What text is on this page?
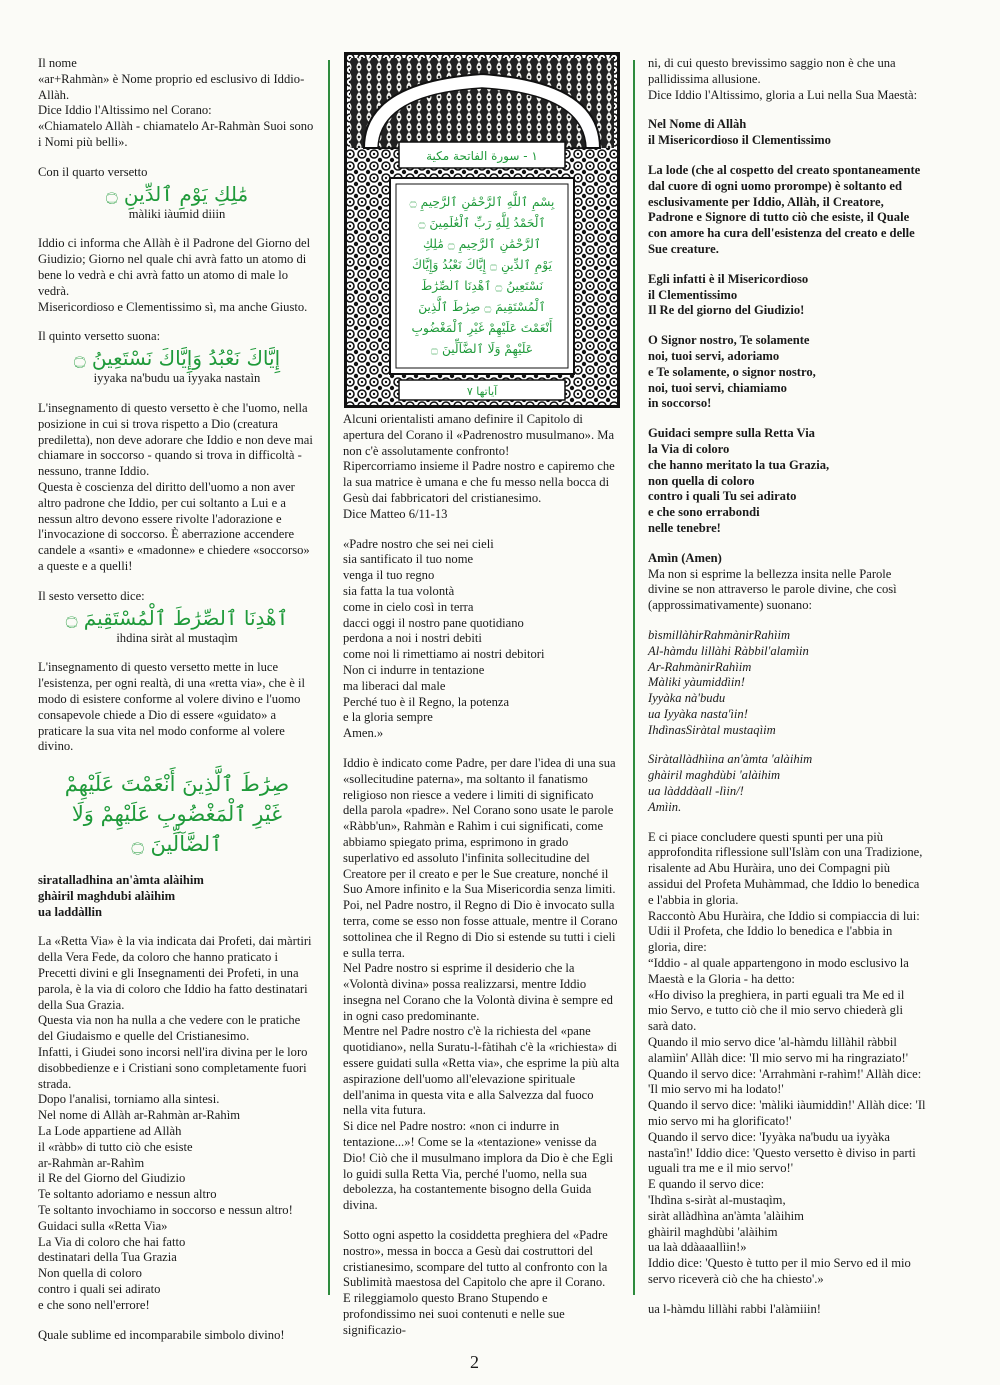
Il nome
«ar+Rahmàn» è Nome proprio ed esclusivo di Iddio-Allàh.
Dice Iddio l'Altissimo nel Corano:
«Chiamatelo Allàh - chiamatelo Ar-Rahmàn Suoi sono i Nomi più belli».

Con il quarto versetto

مَٰلِكِ يَوْمِ ٱلدِّينِ ۝

màliki iàumid diiin

Iddio ci informa che Allàh è il Padrone del Giorno del Giudizio; Giorno nel quale chi avrà fatto un atomo di bene lo vedrà e chi avrà fatto un atomo di male lo vedrà.
Misericordioso e Clementissimo sì, ma anche Giusto.

Il quinto versetto suona:

إِيَّاكَ نَعْبُدُ وَإِيَّاكَ نَسْتَعِينُ ۝

iyyaka na'budu ua iyyaka nastaìn

L'insegnamento di questo versetto è che l'uomo, nella posizione in cui si trova rispetto a Dio (creatura prediletta), non deve adorare che Iddio e non deve mai chiamare in soccorso - quando si trova in difficoltà - nessuno, tranne Iddio.
Questa è coscienza del diritto dell'uomo a non aver altro padrone che Iddio, per cui soltanto a Lui e a nessun altro devono essere rivolte l'adorazione e l'invocazione di soccorso. È aberrazione accendere candele a «santi» e «madonne» e chiedere «soccorso» a queste e a quelli!

Il sesto versetto dice:

ٱهْدِنَا ٱلصِّرَٰطَ ٱلْمُسْتَقِيمَ ۝

ihdina siràt al mustaqìm

L'insegnamento di questo versetto mette in luce l'esistenza, per ogni realtà, di una «retta via», che è il modo di esistere conforme al volere divino e l'uomo consapevole chiede a Dio di essere «guidato» a praticare la sua vita nel modo conforme al volere divino.

صِرَٰطَ ٱلَّذِينَ أَنْعَمْتَ عَلَيْهِمْ
غَيْرِ ٱلْمَغْضُوبِ عَلَيْهِمْ وَلَا ٱلضَّآلِّينَ ۝

siratalladhina an'àmta alàihim
ghàiril maghdubi alàihim
ua laddàllin

La «Retta Via» è la via indicata dai Profeti, dai màrtiri della Vera Fede, da coloro che hanno praticato i Precetti divini e gli Insegnamenti dei Profeti, in una parola, è la via di coloro che Iddio ha fatto destinatari della Sua Grazia.
Questa via non ha nulla a che vedere con le pratiche del Giudaismo e quelle del Cristianesimo.
Infatti, i Giudei sono incorsi nell'ira divina per le loro disobbedienze e i Cristiani sono completamente fuori strada.
Dopo l'analisi, torniamo alla sintesi.
Nel nome di Allàh ar-Rahmàn ar-Rahìm
La Lode appartiene ad Allàh
il «ràbb» di tutto ciò che esiste
ar-Rahmàn ar-Rahìm
il Re del Giorno del Giudizio
Te soltanto adoriamo e nessun altro
Te soltanto invochiamo in soccorso e nessun altro!
Guidaci sulla «Retta Via»
La Via di coloro che hai fatto
destinatari della Tua Grazia
Non quella di coloro
contro i quali sei adirato
e che sono nell'errore!

Quale sublime ed incomparabile simbolo divino!

١ - سورة الفاتحة مكية
بِسْمِ ٱللَّهِ ٱلرَّحْمَٰنِ ٱلرَّحِيمِ ۝
ٱلْحَمْدُ لِلَّهِ رَبِّ ٱلْعَٰلَمِينَ ۝
ٱلرَّحْمَٰنِ ٱلرَّحِيمِ ۝ مَٰلِكِ
يَوْمِ ٱلدِّينِ ۝ إِيَّاكَ نَعْبُدُ وَإِيَّاكَ
نَسْتَعِينُ ۝ ٱهْدِنَا ٱلصِّرَٰطَ
ٱلْمُسْتَقِيمَ ۝ صِرَٰطَ ٱلَّذِينَ
أَنْعَمْتَ عَلَيْهِمْ غَيْرِ ٱلْمَغْضُوبِ
عَلَيْهِمْ وَلَا ٱلضَّآلِّينَ ۝
آياتها ٧

Alcuni orientalisti amano definire il Capitolo di apertura del Corano il «Padrenostro musulmano». Ma non c'è assolutamente confronto!
Ripercorriamo insieme il Padre nostro e capiremo che la sua matrice è umana e che fu messo nella bocca di Gesù dai fabbricatori del cristianesimo.
Dice Matteo 6/11-13

«Padre nostro che sei nei cieli
sia santificato il tuo nome
venga il tuo regno
sia fatta la tua volontà
come in cielo così in terra
dacci oggi il nostro pane quotidiano
perdona a noi i nostri debiti
come noi li rimettiamo ai nostri debitori
Non ci indurre in tentazione
ma liberaci dal male
Perché tuo è il Regno, la potenza
e la gloria sempre
Amen.»

Iddio è indicato come Padre, per dare l'idea di una sua «sollecitudine paterna», ma soltanto il fanatismo religioso non riesce a vedere i limiti di significato della parola «padre». Nel Corano sono usate le parole «Ràbb'un», Rahmàn e Rahìm i cui significati, come abbiamo spiegato prima, esprimono in grado superlativo ed assoluto l'infinita sollecitudine del Creatore per il creato e per le Sue creature, nonché il Suo Amore infinito e la Sua Misericordia senza limiti.
Poi, nel Padre nostro, il Regno di Dio è invocato sulla terra, come se esso non fosse attuale, mentre il Corano sottolinea che il Regno di Dio si estende su tutti i cieli e sulla terra.
Nel Padre nostro si esprime il desiderio che la «Volontà divina» possa realizzarsi, mentre Iddio insegna nel Corano che la Volontà divina è sempre ed in ogni caso predominante.
Mentre nel Padre nostro c'è la richiesta del «pane quotidiano», nella Suratu-l-fàtihah c'è la «richiesta» di essere guidati sulla «Retta via», che esprime la più alta aspirazione dell'uomo all'elevazione spirituale dell'anima in questa vita e alla Salvezza dal fuoco nella vita futura.
Si dice nel Padre nostro: «non ci indurre in tentazione...»! Come se la «tentazione» venisse da Dio! Ciò che il musulmano implora da Dio è che Egli lo guidi sulla Retta Via, perché l'uomo, nella sua debolezza, ha costantemente bisogno della Guida divina.

Sotto ogni aspetto la cosiddetta preghiera del «Padre nostro», messa in bocca a Gesù dai costruttori del cristianesimo, scompare del tutto al confronto con la Sublimità maestosa del Capitolo che apre il Corano.
E rileggiamolo questo Brano Stupendo e profondissimo nei suoi contenuti e nelle sue significazio-

ni, di cui questo brevissimo saggio non è che una pallidissima allusione.
Dice Iddio l'Altissimo, gloria a Lui nella Sua Maestà:

Nel Nome di Allàh
il Misericordioso il Clementissimo

La lode (che al cospetto del creato spontaneamente dal cuore di ogni uomo prorompe) è soltanto ed esclusivamente per Iddio, Allàh, il Creatore, Padrone e Signore di tutto ciò che esiste, il Quale con amore ha cura dell'esistenza del creato e delle Sue creature.

Egli infatti è il Misericordioso
il Clementissimo
Il Re del giorno del Giudizio!

O Signor nostro, Te solamente
noi, tuoi servi, adoriamo
e Te solamente, o signor nostro,
noi, tuoi servi, chiamiamo
in soccorso!

Guidaci sempre sulla Retta Via
la Via di coloro
che hanno meritato la tua Grazia,
non quella di coloro
contro i quali Tu sei adirato
e che sono errabondi
nelle tenebre!

Amìn (Amen)

Ma non si esprime la bellezza insita nelle Parole divine se non attraverso le parole divine, che così (approssimativamente) suonano:

bìsmillàhirRahmànirRahìim
Al-hàmdu lillàhi Ràbbil'alamìin
Ar-RahmànirRahìim
Màliki yàumiddìin!
Iyyàka nà'budu
ua Iyyàka nasta'ìin!
IhdìnasSiràtal mustaqìim

Siràtallàdhìina an'àmta 'alàihim
ghàiril maghdùbi 'alàihim
ua làdddàall -lìin/!
Amìin.

E ci piace concludere questi spunti per una più approfondita riflessione sull'Islàm con una Tradizione, risalente ad Abu Huràira, uno dei Compagni più assidui del Profeta Muhàmmad, che Iddio lo benedica e l'abbia in gloria.
Raccontò Abu Huràira, che Iddio si compiaccia di lui:
Udii il Profeta, che Iddio lo benedica e l'abbia in gloria, dire:
“Iddio - al quale appartengono in modo esclusivo la Maestà e la Gloria - ha detto:
«Ho diviso la preghiera, in parti eguali tra Me ed il mio Servo, e tutto ciò che il mio servo chiederà gli sarà dato.
Quando il mio servo dice 'al-hàmdu lillàhil ràbbil alamìin' Allàh dice: 'Il mio servo mi ha ringraziato!'
Quando il servo dice: 'Arrahmàni r-rahìm!' Allàh dice: 'Il mio servo mi ha lodato!'
Quando il servo dice: 'màliki iàumiddìn!' Allàh dice: 'Il mio servo mi ha glorificato!'
Quando il servo dice: 'Iyyàka na'budu ua iyyàka nasta'ìn!' Iddio dice: 'Questo versetto è diviso in parti uguali tra me e il mio servo!'
E quando il servo dice:
'Ihdìna s-siràt al-mustaqìm,
siràt allàdhìna an'àmta 'alàihim
ghàiril maghdùbi 'alàihim
ua laà ddàaaallìin!»
Iddio dice: 'Questo è tutto per il mio Servo ed il mio servo riceverà ciò che ha chiesto'.»

ua l-hàmdu lillàhi rabbi l'alàmiiin!

2
